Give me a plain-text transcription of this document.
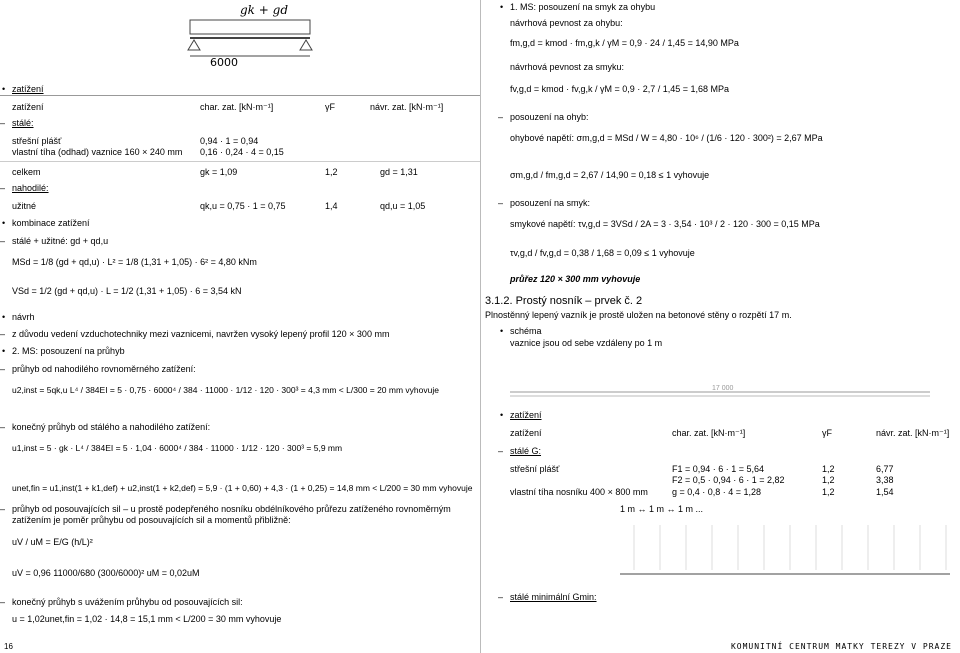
gk + gd
6000
• zatížení
zatížení	char. zat. [kN·m⁻¹]	γF	návr. zat. [kN·m⁻¹]
– stálé:
střešní plášť	0,94 · 1 = 0,94
vlastní tíha (odhad) vaznice 160 × 240 mm 0,16 · 0,24 · 4 = 0,15
celkem	gk = 1,09	1,2	gd = 1,31
– nahodilé:
užitné	qk,u = 0,75 · 1 = 0,75	1,4	qd,u = 1,05
• kombinace zatížení
– stálé + užitné: gd + qd,u
MSd = 1/8 (gd + qd,u) · L² = 1/8 (1,31 + 1,05) · 6² = 4,80 kNm
VSd = 1/2 (gd + qd,u) · L = 1/2 (1,31 + 1,05) · 6 = 3,54 kN
• návrh
– z důvodu vedení vzduchotechniky mezi vaznicemi, navržen vysoký lepený profil 120 × 300 mm
• 2. MS: posouzení na průhyb
– průhyb od nahodilého rovnoměrného zatížení:
u2,inst = 5qk,u L⁴ / 384EI = 5 · 0,75 · 6000⁴ / 384 · 11000 · 1/12 · 120 · 300³ = 4,3 mm < L/300 = 20 mm vyhovuje
– konečný průhyb od stálého a nahodilého zatížení:
u1,inst = 5 · gk · L⁴ / 384EI = 5 · 1,04 · 6000⁴ / 384 · 11000 · 1/12 · 120 · 300³ = 5,9 mm
unet,fin = u1,inst(1 + k1,def) + u2,inst(1 + k2,def) = 5,9 · (1 + 0,60) + 4,3 · (1 + 0,25) = 14,8 mm < L/200 = 30 mm vyhovuje
– průhyb od posouvajících sil – u prostě podepřeného nosníku obdélníkového průřezu zatíženého rovnoměrným
zatížením je poměr průhybu od posouvajících sil a momentů přibližně:
uV / uM = E/G (h/L)²
uV = 0,96 11000/680 (300/6000)² uM = 0,02uM
– konečný průhyb s uvážením průhybu od posouvajících sil:
u = 1,02unet,fin = 1,02 · 14,8 = 15,1 mm < L/200 = 30 mm vyhovuje
• 1. MS: posouzení na smyk za ohybu
návrhová pevnost za ohybu:
fm,g,d = kmod · fm,g,k / γM = 0,9 · 24 / 1,45 = 14,90 MPa
návrhová pevnost za smyku:
fv,g,d = kmod · fv,g,k / γM = 0,9 · 2,7 / 1,45 = 1,68 MPa
– posouzení na ohyb:
ohybové napětí: σm,g,d = MSd / W = 4,80 · 10⁶ / (1/6 · 120 · 300²) = 2,67 MPa
σm,g,d / fm,g,d = 2,67 / 14,90 = 0,18 ≤ 1 vyhovuje
– posouzení na smyk:
smykové napětí: τv,g,d = 3VSd / 2A = 3 · 3,54 · 10³ / 2 · 120 · 300 = 0,15 MPa
τv,g,d / fv,g,d = 0,38 / 1,68 = 0,09 ≤ 1 vyhovuje
průřez 120 × 300 mm vyhovuje
3.1.2. Prostý nosník – prvek č. 2
Plnostěnný lepený vazník je prostě uložen na betonové stěny o rozpětí 17 m.
• schéma
vaznice jsou od sebe vzdáleny po 1 m
17 000
• zatížení
zatížení	char. zat. [kN·m⁻¹]	γF	návr. zat. [kN·m⁻¹]
– stálé G:
střešní plášť	F1 = 0,94 · 6 · 1 = 5,64	1,2	6,77
F2 = 0,5 · 0,94 · 6 · 1 = 2,82	1,2	3,38
vlastní tíha nosníku 400 × 800 mm	g = 0,4 · 0,8 · 4 = 1,28	1,2	1,54
1 m ↔ 1 m ↔ 1 m ...
– stálé minimální Gmin:
16	KOMUNITNÍ CENTRUM MATKY TEREZY V PRAZE
